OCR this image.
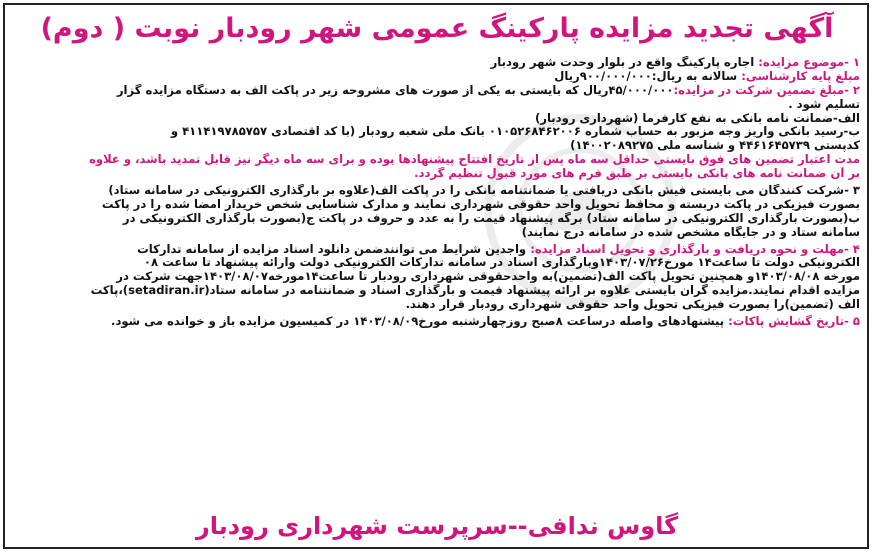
آگهی تجدید مزایده پارکینگ عمومی شهر رودبار نوبت ( دوم)
۱ -موضوع مزایده: اجاره پارکینگ واقع در بلوار وحدت شهر رودبار
مبلغ پایه کارشناسی: سالانه به ریال:۹۰۰/۰۰۰/۰۰۰ریال
۲ -مبلغ تضمین شرکت در مزایده:۴۵/۰۰۰/۰۰۰ریال که بایستی به یکی از صورت های مشروحه زیر در پاکت الف به دستگاه مزایده گزار
تسلیم شود .
الف-ضمانت نامه بانکی به نفع کارفرما (شهرداری رودبار)
ب-رسید بانکی واریز وجه مزبور به حساب شماره ۰۱۰۵۲۶۸۴۶۲۰۰۶ بانک ملی شعبه رودبار (با کد اقتصادی ۴۱۱۴۱۹۷۸۵۷۵۷ و
کدپستی ۴۴۶۱۶۴۵۷۳۹ و شناسه ملی ۱۴۰۰۲۰۸۹۲۷۵)
مدت اعتبار تضمین های فوق بایستی حداقل سه ماه پس از تاریخ افتتاح پیشنهادها بوده و برای سه ماه دیگر نیز قابل تمدید باشد، و علاوه
بر آن ضمانت نامه های بانکی بایستی بر طبق فرم های مورد قبول تنظیم گردد.
۳ -شرکت کنندگان می بایستی فیش بانکی دریافتی یا ضمانتنامه بانکی را در پاکت الف(علاوه بر بارگذاری الکترونیکی در سامانه ستاد)
بصورت فیزیکی در پاکت دربسته و محافظ تحویل واحد حقوقی شهرداری نمایند و مدارک شناسایی شخص خریدار امضا شده را در پاکت
ب(بصورت بارگذاری الکترونیکی در سامانه ستاد) برگه پیشنهاد قیمت را به عدد و حروف در پاکت ج(بصورت بارگذاری الکترونیکی در
سامانه ستاد و در جایگاه مشخص شده در سامانه درج نمایند)
۴ -مهلت و نحوه دریافت و بارگذاری و تحویل اسناد مزایده: واجدین شرایط می توانندضمن دانلود اسناد مزایده از سامانه تدارکات
الکترونیکی دولت تا ساعت۱۴ مورخ۱۴۰۳/۰۷/۲۶وبارگذاری اسناد در سامانه تدارکات الکترونیکی دولت وارائه پیشنهاد تا ساعت ۰۸
مورخه ۱۴۰۳/۰۸/۰۸و همچنین تحویل پاکت الف(تضمین)به واحدحقوقی شهرداری رودبار تا ساعت۱۴مورخه۱۴۰۳/۰۸/۰۷جهت شرکت در
مزایده اقدام نمایند.مزایده گران بایستی علاوه بر ارائه پیشنهاد قیمت و بارگذاری اسناد و ضمانتنامه در سامانه ستاد(setadiran.ir)،پاکت
الف (تضمین)را بصورت فیزیکی تحویل واحد حقوقی شهرداری رودبار قرار دهند.
۵ -تاریخ گشایش پاکات: پیشنهادهای واصله درساعت ۸صبح روزچهارشنبه مورخ۱۴۰۳/۰۸/۰۹ در کمیسیون مزایده باز و خوانده می شود.
گاوس ندافی--سرپرست شهرداری رودبار
